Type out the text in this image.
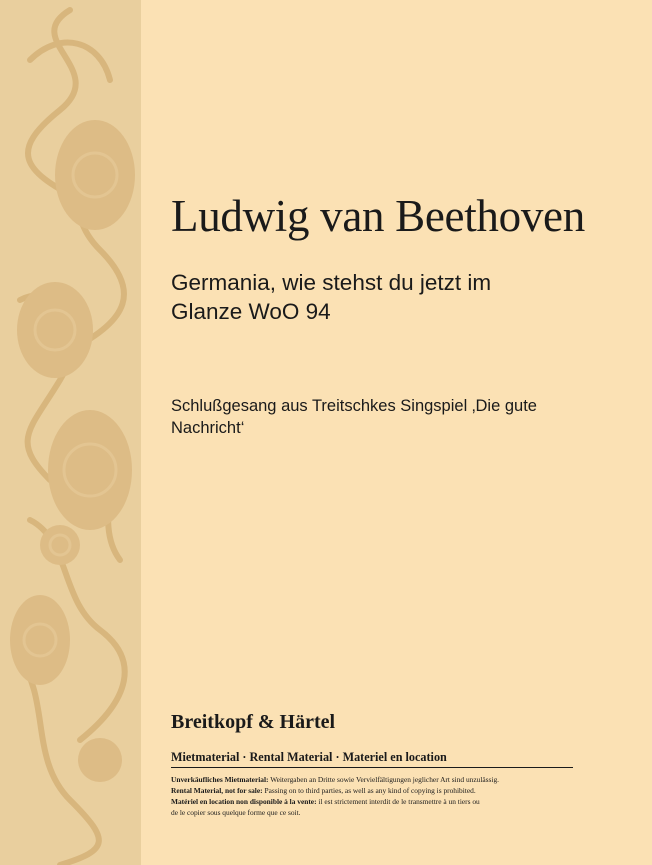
Ludwig van Beethoven
Germania, wie stehst du jetzt im
Glanze WoO 94
Schlußgesang aus Treitschkes Singspiel ‚Die gute
Nachricht‘
Breitkopf & Härtel
Mietmaterial · Rental Material · Materiel en location
Unverkäufliches Mietmaterial: Weitergaben an Dritte sowie Vervielfältigungen jeglicher Art sind unzulässig.
Rental Material, not for sale: Passing on to third parties, as well as any kind of copying is prohibited.
Matériel en location non disponible à la vente: il est strictement interdit de le transmettre à un tiers ou
de le copier sous quelque forme que ce soit.
